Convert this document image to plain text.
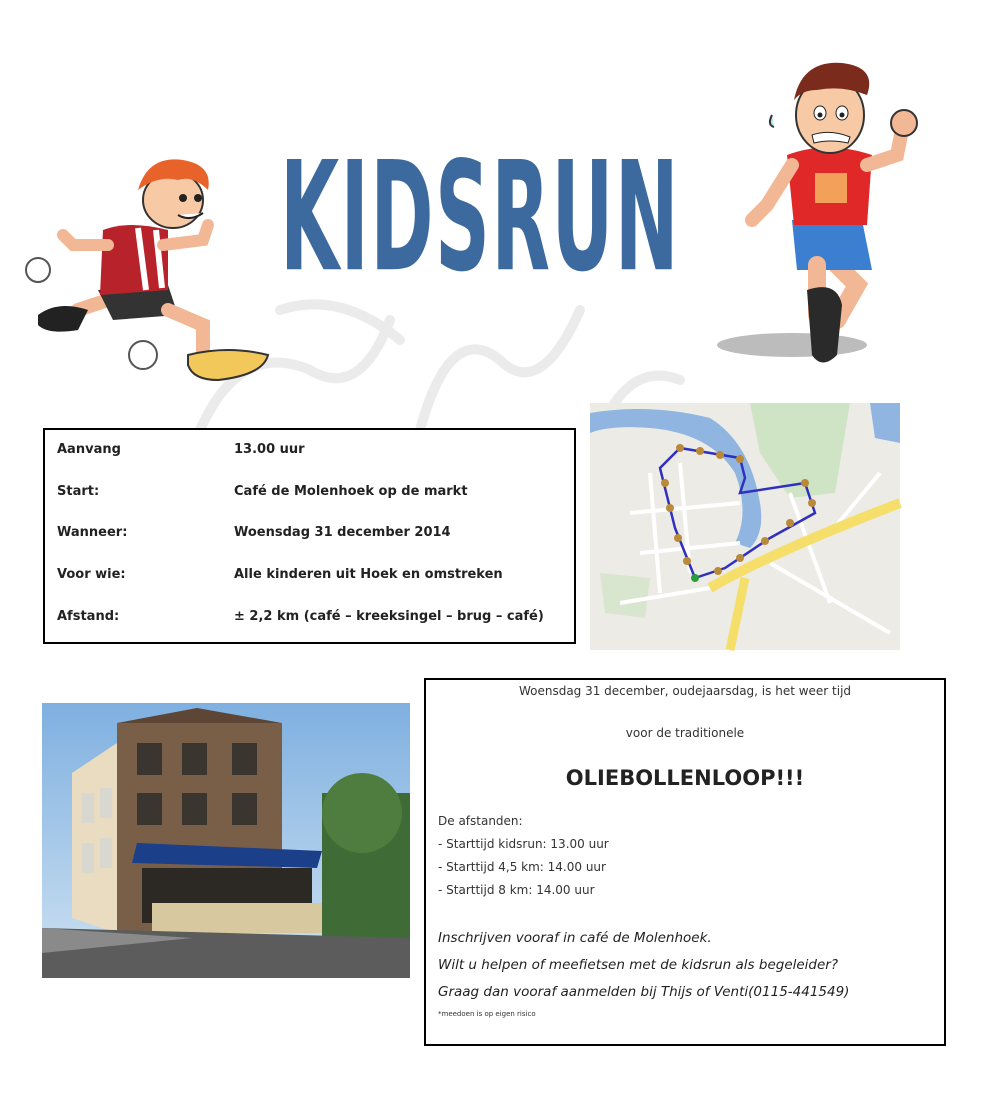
KIDSRUN
Aanvang	13.00 uur
Start:	Café de Molenhoek op de markt
Wanneer:	Woensdag 31 december 2014
Voor wie:	Alle kinderen uit Hoek en omstreken
Afstand:	± 2,2 km (café – kreeksingel – brug – café)
Woensdag 31 december, oudejaarsdag, is het weer tijd
voor de traditionele
OLIEBOLLENLOOP!!!
De afstanden:
- Starttijd kidsrun: 13.00 uur
- Starttijd 4,5 km: 14.00 uur
- Starttijd 8 km: 14.00 uur
Inschrijven vooraf in café de Molenhoek.
Wilt u helpen of meefietsen met de kidsrun als begeleider?
Graag dan vooraf aanmelden bij Thijs of Venti(0115-441549)
*meedoen is op eigen risico
